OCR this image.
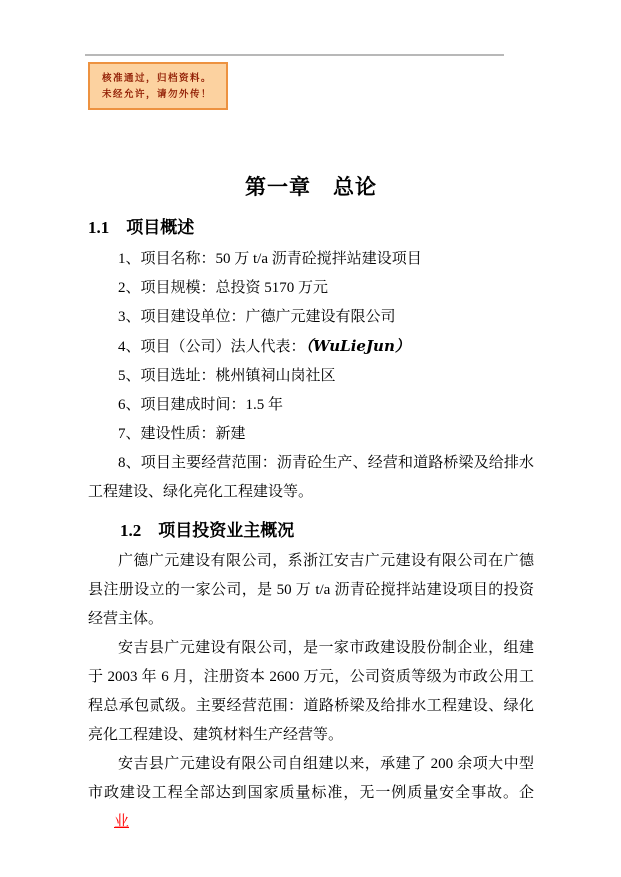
核准通过，归档资料。
未经允许，请勿外传！
第一章　总论
1.1　项目概述
1、项目名称：50 万 t/a 沥青砼搅拌站建设项目
2、项目规模：总投资 5170 万元
3、项目建设单位：广德广元建设有限公司
4、项目（公司）法人代表：（WuLieJun）
5、项目选址：桃州镇祠山岗社区
6、项目建成时间：1.5 年
7、建设性质：新建
8、项目主要经营范围：沥青砼生产、经营和道路桥梁及给排水工程建设、绿化亮化工程建设等。
1.2　项目投资业主概况

广德广元建设有限公司，系浙江安吉广元建设有限公司在广德县注册设立的一家公司，是 50 万 t/a 沥青砼搅拌站建设项目的投资经营主体。

安吉县广元建设有限公司，是一家市政建设股份制企业，组建于 2003 年 6 月，注册资本 2600 万元，公司资质等级为市政公用工程总承包贰级。主要经营范围：道路桥梁及给排水工程建设、绿化亮化工程建设、建筑材料生产经营等。

安吉县广元建设有限公司自组建以来，承建了 200 余项大中型市政建设工程全部达到国家质量标准，无一例质量安全事故。企业
